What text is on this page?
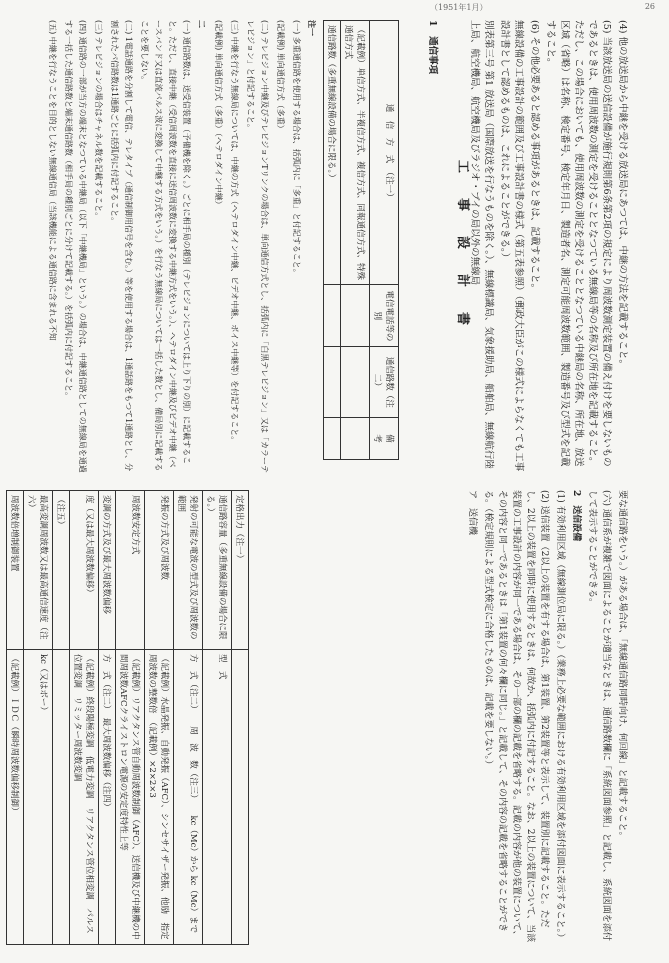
（1951年1月）	26

(4) 他の放送局から中継を受ける放送局にあつては、中継の方法を記載すること。

(5) 当該放送局の送信設備が施行規則第6条第2項の規定により周波数測定装置の備え付けを要しないものであるときは、使用周波数の測定を受けることとなつている無線局等の名称及び所在地を記載すること。ただし、この場合においても、使用周波数の測定を受けることとなつている中継局の名称、所在地、放送区域（省略）は名称、検定番号、検定年月日、製造者名、測定可能周波数範囲、製造番号及び型式を記載すること。

(6) その他必要あると認める事項があるときは、記載すること。

無線設備の工事設計の範囲及び工事設計書の様式（第五表参照）（郵政大臣がこの様式によらなくても工事設計書として認めるものは、これによることができる。）

別表第三号 第1 放送局（国際放送を行なうものを除く。）、無線標識局、気象援助局、船舶局、無線航行陸上局、航空機局、航空機局及びラジオ・ブイの局以外の無線局

工　事　設　計　書
1　通信事項
通　信　方　式　（注一）	電信電話等の別	通信路数（注二）	備　　考
（記載例）単信方式、半複信方式、複信方式、同報通信方式、特殊通信方式			
通信路数（多重無線設備の場合に限る。）			

注一

(一) 多重通信路を使用する場合は、括弧内に「多重」と付記すること。

(記載例) 単向通信方式（多重）

(二) テレビジョン中継及びテレビジョンTリンクの場合は、単向通信方式とし、括弧内に「白黒テレビジョン」又は「カラーテレビジョン」と付記すること。

(三) 中継を行なう無線局については、中継の方式（ヘテロダイン中継、ビデオ中継、ボイス中継等）を付記すること。

(記載例) 単向通信方式（多重）（ヘテロダイン中継）

二

(一) 通信路数は、送受信装置（予備機を除く。）ごとに相手局の種別（テレビジョンについては上り下りの別）に記載すること。ただし、直接中継（受信周波数を直接に送信周波数に変換する中継方式をいう。）、ヘテロダイン中継及びビデオ中継（ベースバンド又は直流パルス波に変換して中継する方式をいう。）を行なう無線局については一括した数とし、備局別に記載することを要しない。

(二) 1電話通路を分割して電信、テレタイプ（通信制御用信号を含む。）等を使用する場合は、1通話路をもつて1通路とし、分割されたパ信路数は1通路ごとに括弧内に付記すること。

(三) テレビジョンの場合はチャネル数を記載すること。

(四) 通信路の一部が当方の端末となつている中継局（以下「中継機局」という。）の場合は、中継通信路としての無線局を通過する一括した通信路数と端末通信路数（相手局の種別ごとに分けて記載する。）を括弧内に付記すること。

(五) 中継を行なうことを目的としない無線通信局（当該機能による通信路に含まれる不知

要な通信路をいう。）がある場合は、「無線通信路同時向け、何回線」と記載すること。

(六) 通信系が複雑で図面によることが適当なときは、通信路数欄に「系統図面参照」と記載し、系統図面を添付して表示することができる。

2　送信設備

(1) 有効利用区域（無線測位局に限る。）（業務上必要な範囲における有効利用区域を添付図面に表示すること。）

(2) 送信装置（2以上の装置を有する場合は、第1装置、第2装置等と表示して、装置別に記載すること。ただし、2以上の装置を同時に使用するときは、何故か、括弧内に付記すること。なお、2以上の装置について、当該装置の工事設計の内容が同一である場合は、その一部の欄の記載を省略する。記載の内容が他の装置について、その内容と同一であるときは「第1装置の何々欄に同じ。」と記載して、その内容の記載を省略することができる。（検定規則による型式検定に合格したものは、記載を要しない。）

ア　送信機

定格出力（注一）	
通信路容量（多重無線設備の場合に限る。）	型　式
発射の可能な電波の型式及び周波数の範囲	方　式（注二）　　周　波　数（注三）　　kc（Mc）から kc（Mc）まで
発振の方式及び周波数	（記載例）水晶発振、自動発振（AFC）、シンセサイザー発振、他励　指定周波数の整数倍　（記載例）×2×2×3
周波数安定方式	（記載例）リアクタンス管自動周波数制御（AFC）、送信機及び中継機の中間周波数AFCクライストロン電源の安定度特性上等
変調の方式及び最大周波数偏移	方　式（注二）　最大周波数偏移（注四）
度（又は最大周波数偏移）	（記載例）終段陽極変調　低電力変調　リアクタンス管位相変調　パルス位置変調　リミッター周波数変調
（注五）	
最高変調周波数又は最高通信速度（注六）	kc（又はボー）
周波数倍増制御装置	（記載例）ＩＤＣ（瞬時周波数偏移制御）
